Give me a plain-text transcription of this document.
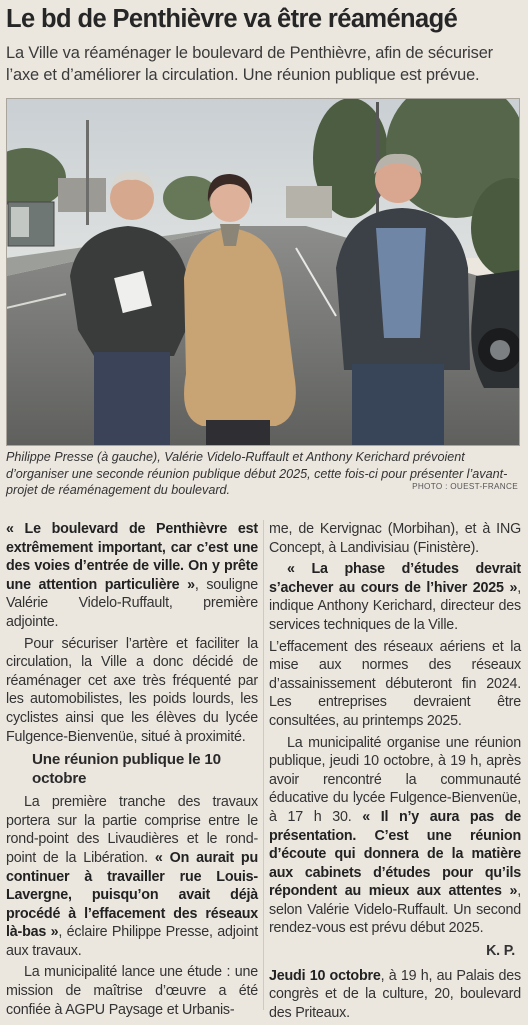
Le bd de Penthièvre va être réaménagé
La Ville va réaménager le boulevard de Penthièvre, afin de sécuriser l’axe et d’améliorer la circulation. Une réunion publique est prévue.
Philippe Presse (à gauche), Valérie Videlo-Ruffault et Anthony Kerichard prévoient d’organiser une seconde réunion publique début 2025, cette fois-ci pour présenter l’avant-projet de réaménagement du boulevard.	PHOTO : OUEST-FRANCE

« Le boulevard de Penthièvre est extrêmement important, car c’est une des voies d’entrée de ville. On y prête une attention particulière », souligne Valérie Videlo-Ruffault, première adjointe.

Pour sécuriser l’artère et faciliter la circulation, la Ville a donc décidé de réaménager cet axe très fréquenté par les automobilistes, les poids lourds, les cyclistes ainsi que les élèves du lycée Fulgence-Bienvenüe, situé à proximité.

Une réunion publique le 10 octobre

La première tranche des travaux portera sur la partie comprise entre le rond-point des Livaudières et le rond-point de la Libération. « On aurait pu continuer à travailler rue Louis-Lavergne, puisqu’on avait déjà procédé à l’effacement des réseaux là-bas », éclaire Philippe Presse, adjoint aux travaux.

La municipalité lance une étude : une mission de maîtrise d’œuvre a été confiée à AGPU Paysage et Urbanis-

me, de Kervignac (Morbihan), et à ING Concept, à Landivisiau (Finistère).

« La phase d’études devrait s’achever au cours de l’hiver 2025 », indique Anthony Kerichard, directeur des services techniques de la Ville.

L’effacement des réseaux aériens et la mise aux normes des réseaux d’assainissement débuteront fin 2024. Les entreprises devraient être consultées, au printemps 2025.

La municipalité organise une réunion publique, jeudi 10 octobre, à 19 h, après avoir rencontré la communauté éducative du lycée Fulgence-Bienvenüe, à 17 h 30. « Il n’y aura pas de présentation. C’est une réunion d’écoute qui donnera de la matière aux cabinets d’études pour qu’ils répondent au mieux aux attentes », selon Valérie Videlo-Ruffault. Un second rendez-vous est prévu début 2025.

K. P.

Jeudi 10 octobre, à 19 h, au Palais des congrès et de la culture, 20, boulevard des Priteaux.
